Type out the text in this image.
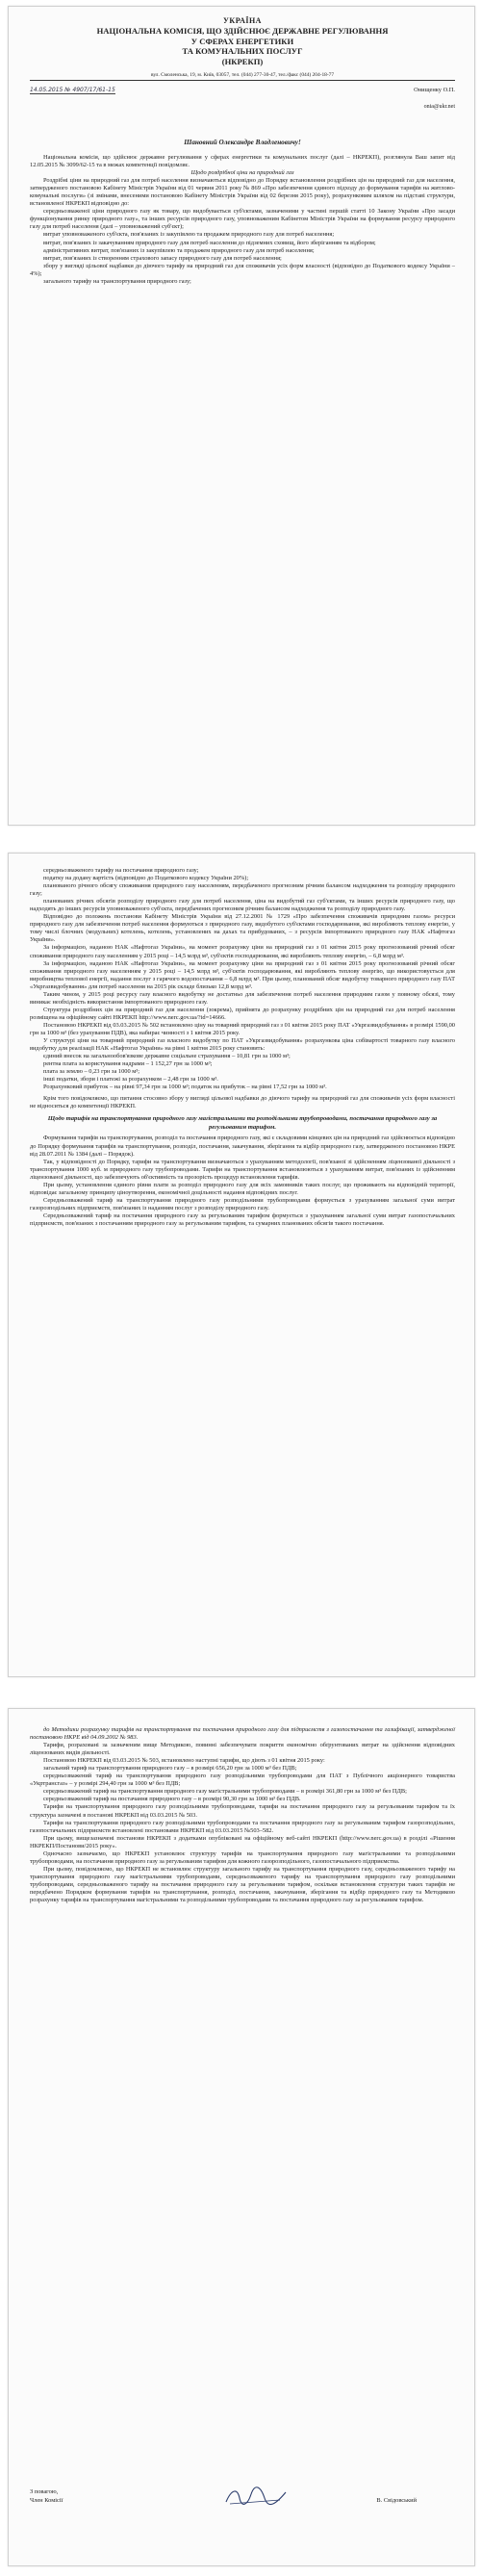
УКРАЇНА
НАЦІОНАЛЬНА КОМІСІЯ, ЩО ЗДІЙСНЮЄ ДЕРЖАВНЕ РЕГУЛЮВАННЯ
У СФЕРАХ ЕНЕРГЕТИКИ
ТА КОМУНАЛЬНИХ ПОСЛУГ
(НКРЕКП)
вул. Смоленська, 19, м. Київ, 03057, тел. (044) 277-30-47, тел./факс (044) 204-18-77
14.05.2015 № 4907/17/61-15	Онищенку О.П.
onia@ukr.net
Шановний Олександре Владленовичу!

Національна комісія, що здійснює державне регулювання у сферах енергетики та комунальних послуг (далі – НКРЕКП), розглянула Ваш запит від 12.05.2015 № 3099/62-15 та в межах компетенції повідомляє.

Щодо роздрібної ціни на природний газ

Роздрібні ціни на природний газ для потреб населення визначаються відповідно до Порядку встановлення роздрібних цін на природний газ для населення, затвердженого постановою Кабінету Міністрів України від 01 червня 2011 року № 869 «Про забезпечення єдиного підходу до формування тарифів на житлово-комунальні послуги» (зі змінами, внесеними постановою Кабінету Міністрів України від 02 березня 2015 року), розрахунковим шляхом на підставі структури, встановленої НКРЕКП відповідно до:

середньозваженої ціни природного газу як товару, що видобувається суб'єктами, зазначеними у частині першій статті 10 Закону України «Про засади функціонування ринку природного газу», та інших ресурсів природного газу, уповноваженим Кабінетом Міністрів України на формування ресурсу природного газу для потреб населення (далі – уповноважений суб'єкт);

витрат уповноваженого суб'єкта, пов'язаних із закупівлею та продажем природного газу для потреб населення;

витрат, пов'язаних із закачуванням природного газу для потреб населення до підземних сховищ, його зберіганням та відбором;

адміністративних витрат, пов'язаних із закупівлею та продажем природного газу для потреб населення;

витрат, пов'язаних із створенням страхового запасу природного газу для потреб населення;

збору у вигляді цільової надбавки до діючого тарифу на природний газ для споживачів усіх форм власності (відповідно до Податкового кодексу України – 4%);

загального тарифу на транспортування природного газу;

середньозваженого тарифу на постачання природного газу;

податку на додану вартість (відповідно до Податкового кодексу України 20%);

планованого річного обсягу споживання природного газу населенням, передбаченого прогнозним річним балансом надходження та розподілу природного газу;

планованих річних обсягів розподілу природного газу для потреб населення, ціна на видобутий газ суб'єктами, та інших ресурсів природного газу, що надходять до інших ресурсів уповноваженого суб'єкта, передбачених прогнозним річним балансом надходження та розподілу природного газу.

Відповідно до положень постанови Кабінету Міністрів України від 27.12.2001 № 1729 «Про забезпечення споживачів природним газом» ресурси природного газу для забезпечення потреб населення формуються з природного газу, видобутого суб'єктами господарювання, які виробляють теплову енергію, у тому числі блочних (модульних) котелень, котелень, установлених на дахах та прибудованих, – з ресурсів імпортованого природного газу НАК «Нафтогаз України».

За інформацією, наданою НАК «Нафтогаз України», на момент розрахунку ціни на природний газ з 01 квітня 2015 року прогнозований річний обсяг споживання природного газу населенням у 2015 році – 14,5 млрд м³, суб'єктів господарювання, які виробляють теплову енергію, – 6,8 млрд м³.

За інформацією, наданою НАК «Нафтогаз України», на момент розрахунку ціни на природний газ з 01 квітня 2015 року прогнозований річний обсяг споживання природного газу населенням у 2015 році – 14,5 млрд м³, суб'єктів господарювання, які виробляють теплову енергію, що використовується для виробництва теплової енергії, надання послуг з гарячого водопостачання – 6,8 млрд м³. При цьому, планований обсяг видобутку товарного природного газу ПАТ «Укргазвидобування» для потреб населення на 2015 рік складе близько 12,8 млрд м³.

Таким чином, у 2015 році ресурсу газу власного видобутку не достатньо для забезпечення потреб населення природним газом у повному обсязі, тому виникає необхідність використання імпортованого природного газу.

Структура роздрібних цін на природний газ для населення (зокрема), прийнята до розрахунку роздрібних цін на природний газ для потреб населення розміщена на офіційному сайті НКРЕКП http://www.nerc.gov.ua/?id=14666.

Постановою НКРЕКП від 03.03.2015 № 502 встановлено ціну на товарний природний газ з 01 квітня 2015 року ПАТ «Укргазвидобування» в розмірі 1590,00 грн за 1000 м³ (без урахування ПДВ), яка набирає чинності з 1 квітня 2015 року.

У структурі ціни на товарний природний газ власного видобутку по ПАТ «Укргазвидобування» розрахункова ціна собівартості товарного газу власного видобутку для реалізації НАК «Нафтогаз України» на рівні 1 квітня 2015 року становить:

єдиний внесок на загальнообов'язкове державне соціальне страхування – 10,81 грн за 1000 м³;

рентна плата за користування надрами – 1 152,27 грн за 1000 м³;

плата за землю – 0,23 грн за 1000 м³;

інші податки, збори і платежі за розрахунком – 2,48 грн за 1000 м³.

Розрахунковий прибуток – на рівні 97,34 грн за 1000 м³; податок на прибуток – на рівні 17,52 грн за 1000 м³.

Крім того повідомляємо, що питання стосовно збору у вигляді цільової надбавки до діючого тарифу на природний газ для споживачів усіх форм власності не відноситься до компетенції НКРЕКП.

Щодо тарифів на транспортування природного газу магістральними та розподільними трубопроводами, постачання природного газу за регульованим тарифом.

Формування тарифів на транспортування, розподіл та постачання природного газу, які є складовими кінцевих цін на природний газ здійснюється відповідно до Порядку формування тарифів на транспортування, розподіл, постачання, закачування, зберігання та відбір природного газу, затвердженого постановою НКРЕ від 28.07.2011 № 1384 (далі – Порядок).

Так, у відповідності до Порядку, тарифи на транспортування визначаються з урахуванням методології, пов'язаної зі здійсненням ліцензованої діяльності з транспортування 1000 куб. м природного газу трубопроводами. Тарифи на транспортування встановлюються з урахуванням витрат, пов'язаних із здійсненням ліцензованої діяльності, що забезпечують об'єктивність та прозорість процедур встановлення тарифів.

При цьому, установлення єдиного рівня плати за розподіл природного газу для всіх замовників таких послуг, що проживають на відповідній території, відповідає загальному принципу ціноутворення, економічної доцільності надання відповідних послуг.

Середньозважений тариф на транспортування природного газу розподільними трубопроводами формується з урахуванням загальної суми витрат газорозподільних підприємств, пов'язаних із наданням послуг з розподілу природного газу.

Середньозважений тариф на постачання природного газу за регульованим тарифом формується з урахуванням загальної суми витрат газопостачальних підприємств, пов'язаних з постачанням природного газу за регульованим тарифом, та сумарних планованих обсягів такого постачання.

до Методики розрахунку тарифів на транспортування та постачання природного газу для підприємств з газопостачання та газифікації, затвердженої постановою НКРЕ від 04.09.2002 № 983.

Тарифи, розраховані за зазначеним вище Методикою, повинні забезпечувати покриття економічно обґрунтованих витрат на здійснення відповідних ліцензованих видів діяльності.

Постановою НКРЕКП від 03.03.2015 № 503, встановлено наступні тарифи, що діють з 01 квітня 2015 року:

загальний тариф на транспортування природного газу – в розмірі 656,20 грн за 1000 м³ без ПДВ;

середньозважений тариф на транспортування природного газу розподільними трубопроводами для ПАТ з Публічного акціонерного товариства «Укртрансгаз» – у розмірі 294,40 грн за 1000 м³ без ПДВ;

середньозважений тариф на транспортування природного газу магістральними трубопроводами – в розмірі 361,80 грн за 1000 м³ без ПДВ;

середньозважений тариф на постачання природного газу – в розмірі 90,30 грн за 1000 м³ без ПДВ.

Тарифи на транспортування природного газу розподільними трубопроводами, тарифи на постачання природного газу за регульованим тарифом та їх структура зазначені в постанові НКРЕКП від 03.03.2015 № 503.

Тарифи на транспортування природного газу розподільними трубопроводами та постачання природного газу за регульованим тарифом газорозподільних, газопостачальних підприємств встановлені постановами НКРЕКП від 03.03.2015 №503–582.

При цьому, вищезазначені постанови НКРЕКП з додатками опубліковані на офіційному веб-сайті НКРЕКП (http://www.nerc.gov.ua) в розділі «Рішення НКРЕКП/Постанови/2015 року».

Одночасно зазначаємо, що НКРЕКП установлює структуру тарифів на транспортування природного газу магістральними та розподільними трубопроводами, на постачання природного газу за регульованим тарифом для кожного газорозподільного, газопостачального підприємства.

При цьому, повідомляємо, що НКРЕКП не встановлює структуру загального тарифу на транспортування природного газу, середньозваженого тарифу на транспортування природного газу магістральними трубопроводами, середньозваженого тарифу на транспортування природного газу розподільними трубопроводами, середньозваженого тарифу на постачання природного газу за регульованим тарифом, оскільки встановлення структури таких тарифів не передбачено Порядком формування тарифів на транспортування, розподіл, постачання, закачування, зберігання та відбір природного газу та Методикою розрахунку тарифів на транспортування магістральними та розподільними трубопроводами та постачання природного газу за регульованим тарифом.

З повагою,
Член Комісії	В. Свідовський
